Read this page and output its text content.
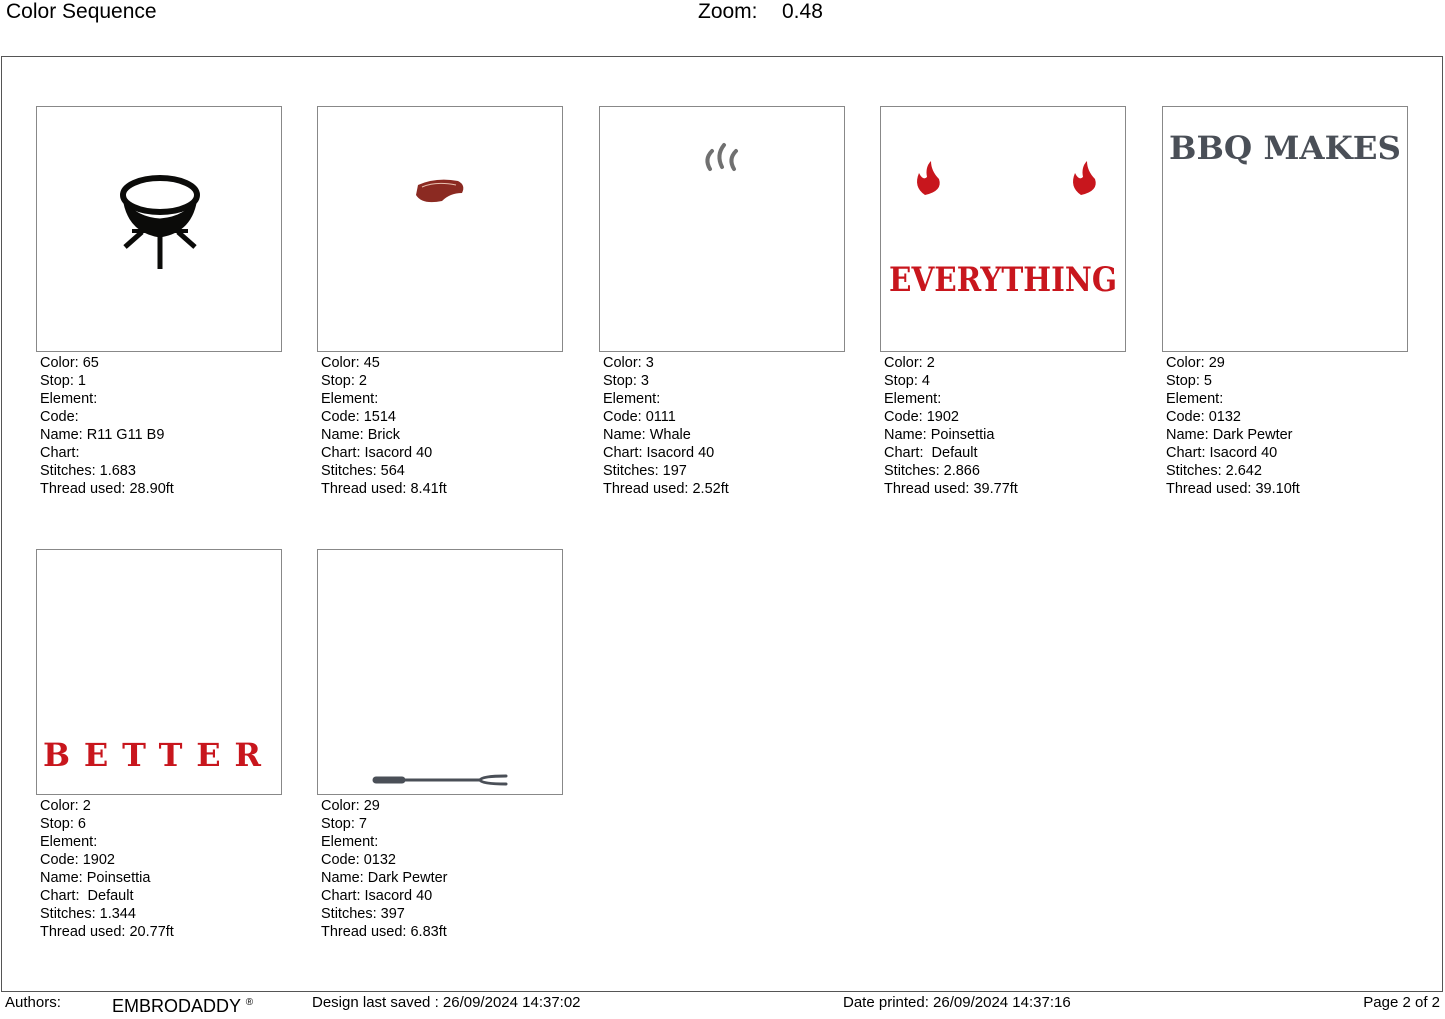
Color Sequence	Zoom: 0.48
Color: 65
Stop: 1
Element:
Code:
Name: R11 G11 B9
Chart:
Stitches: 1.683
Thread used: 28.90ft
Color: 45
Stop: 2
Element:
Code: 1514
Name: Brick
Chart: Isacord 40
Stitches: 564
Thread used: 8.41ft
Color: 3
Stop: 3
Element:
Code: 0111
Name: Whale
Chart: Isacord 40
Stitches: 197
Thread used: 2.52ft
EVERYTHING
Color: 2
Stop: 4
Element:
Code: 1902
Name: Poinsettia
Chart:  Default
Stitches: 2.866
Thread used: 39.77ft
BBQ MAKES
Color: 29
Stop: 5
Element:
Code: 0132
Name: Dark Pewter
Chart: Isacord 40
Stitches: 2.642
Thread used: 39.10ft
BETTER
Color: 2
Stop: 6
Element:
Code: 1902
Name: Poinsettia
Chart:  Default
Stitches: 1.344
Thread used: 20.77ft
Color: 29
Stop: 7
Element:
Code: 0132
Name: Dark Pewter
Chart: Isacord 40
Stitches: 397
Thread used: 6.83ft
Authors:	EMBRODADDY ®	Design last saved : 26/09/2024 14:37:02	Date printed: 26/09/2024 14:37:16	Page 2 of 2
